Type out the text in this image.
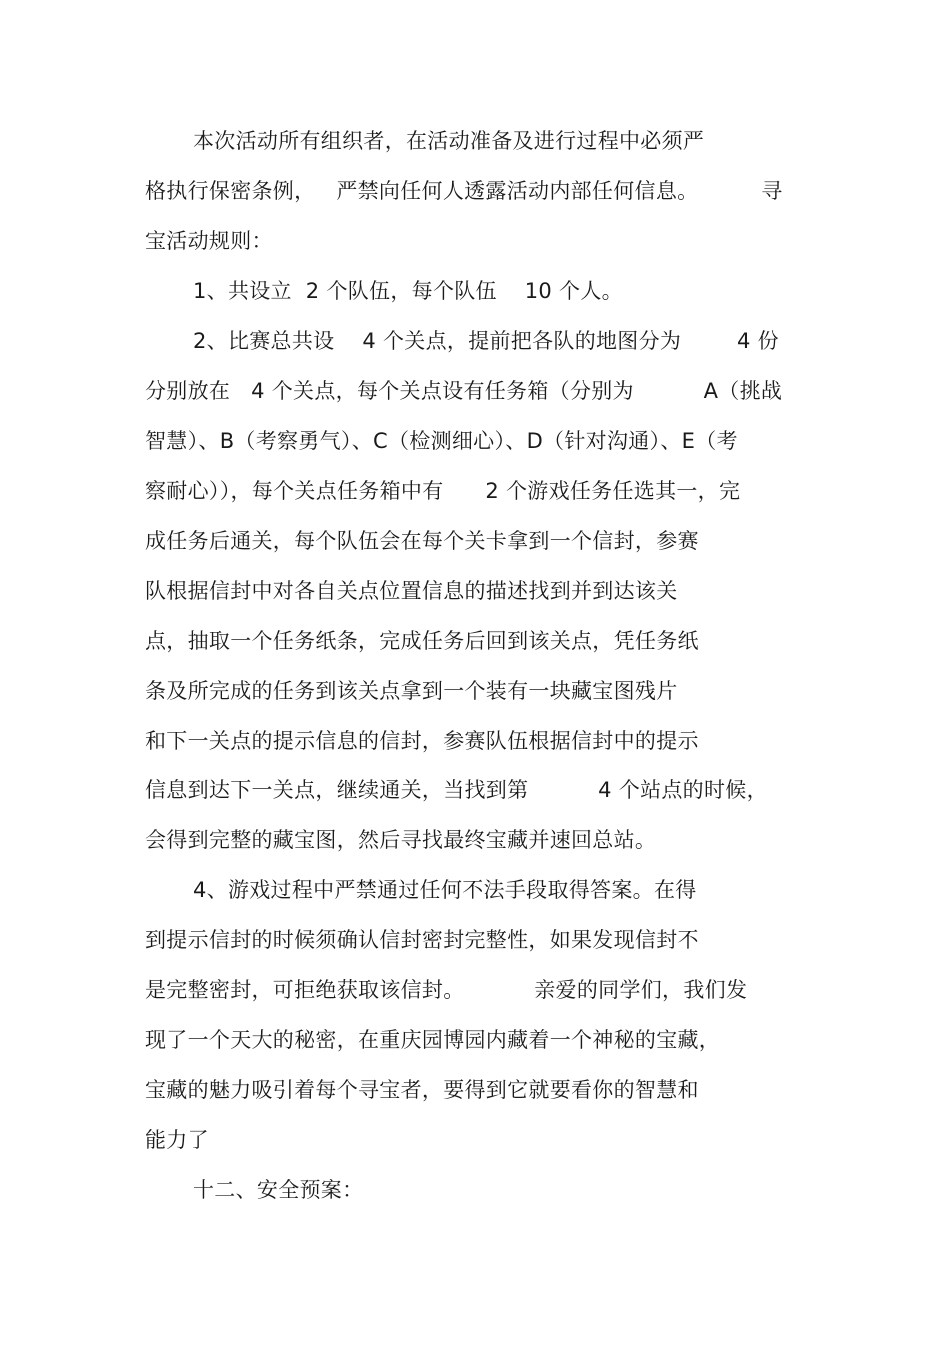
本次活动所有组织者，在活动准备及进行过程中必须严
格执行保密条例，   严禁向任何人透露活动内部任何信息。         寻
宝活动规则：
1、共设立  2 个队伍，每个队伍    10 个人。
2、比赛总共设    4 个关点，提前把各队的地图分为        4 份
分别放在   4 个关点，每个关点设有任务箱（分别为          A（挑战
智慧）、B（考察勇气）、C（检测细心）、D（针对沟通）、E（考
察耐心）），每个关点任务箱中有      2 个游戏任务任选其一，完
成任务后通关，每个队伍会在每个关卡拿到一个信封，参赛
队根据信封中对各自关点位置信息的描述找到并到达该关
点，抽取一个任务纸条，完成任务后回到该关点，凭任务纸
条及所完成的任务到该关点拿到一个装有一块藏宝图残片
和下一关点的提示信息的信封，参赛队伍根据信封中的提示
信息到达下一关点，继续通关，当找到第          4 个站点的时候，
会得到完整的藏宝图，然后寻找最终宝藏并速回总站。
4、游戏过程中严禁通过任何不法手段取得答案。在得
到提示信封的时候须确认信封密封完整性，如果发现信封不
是完整密封，可拒绝获取该信封。          亲爱的同学们，我们发
现了一个天大的秘密，在重庆园博园内藏着一个神秘的宝藏，
宝藏的魅力吸引着每个寻宝者，要得到它就要看你的智慧和
能力了
十二、安全预案：
